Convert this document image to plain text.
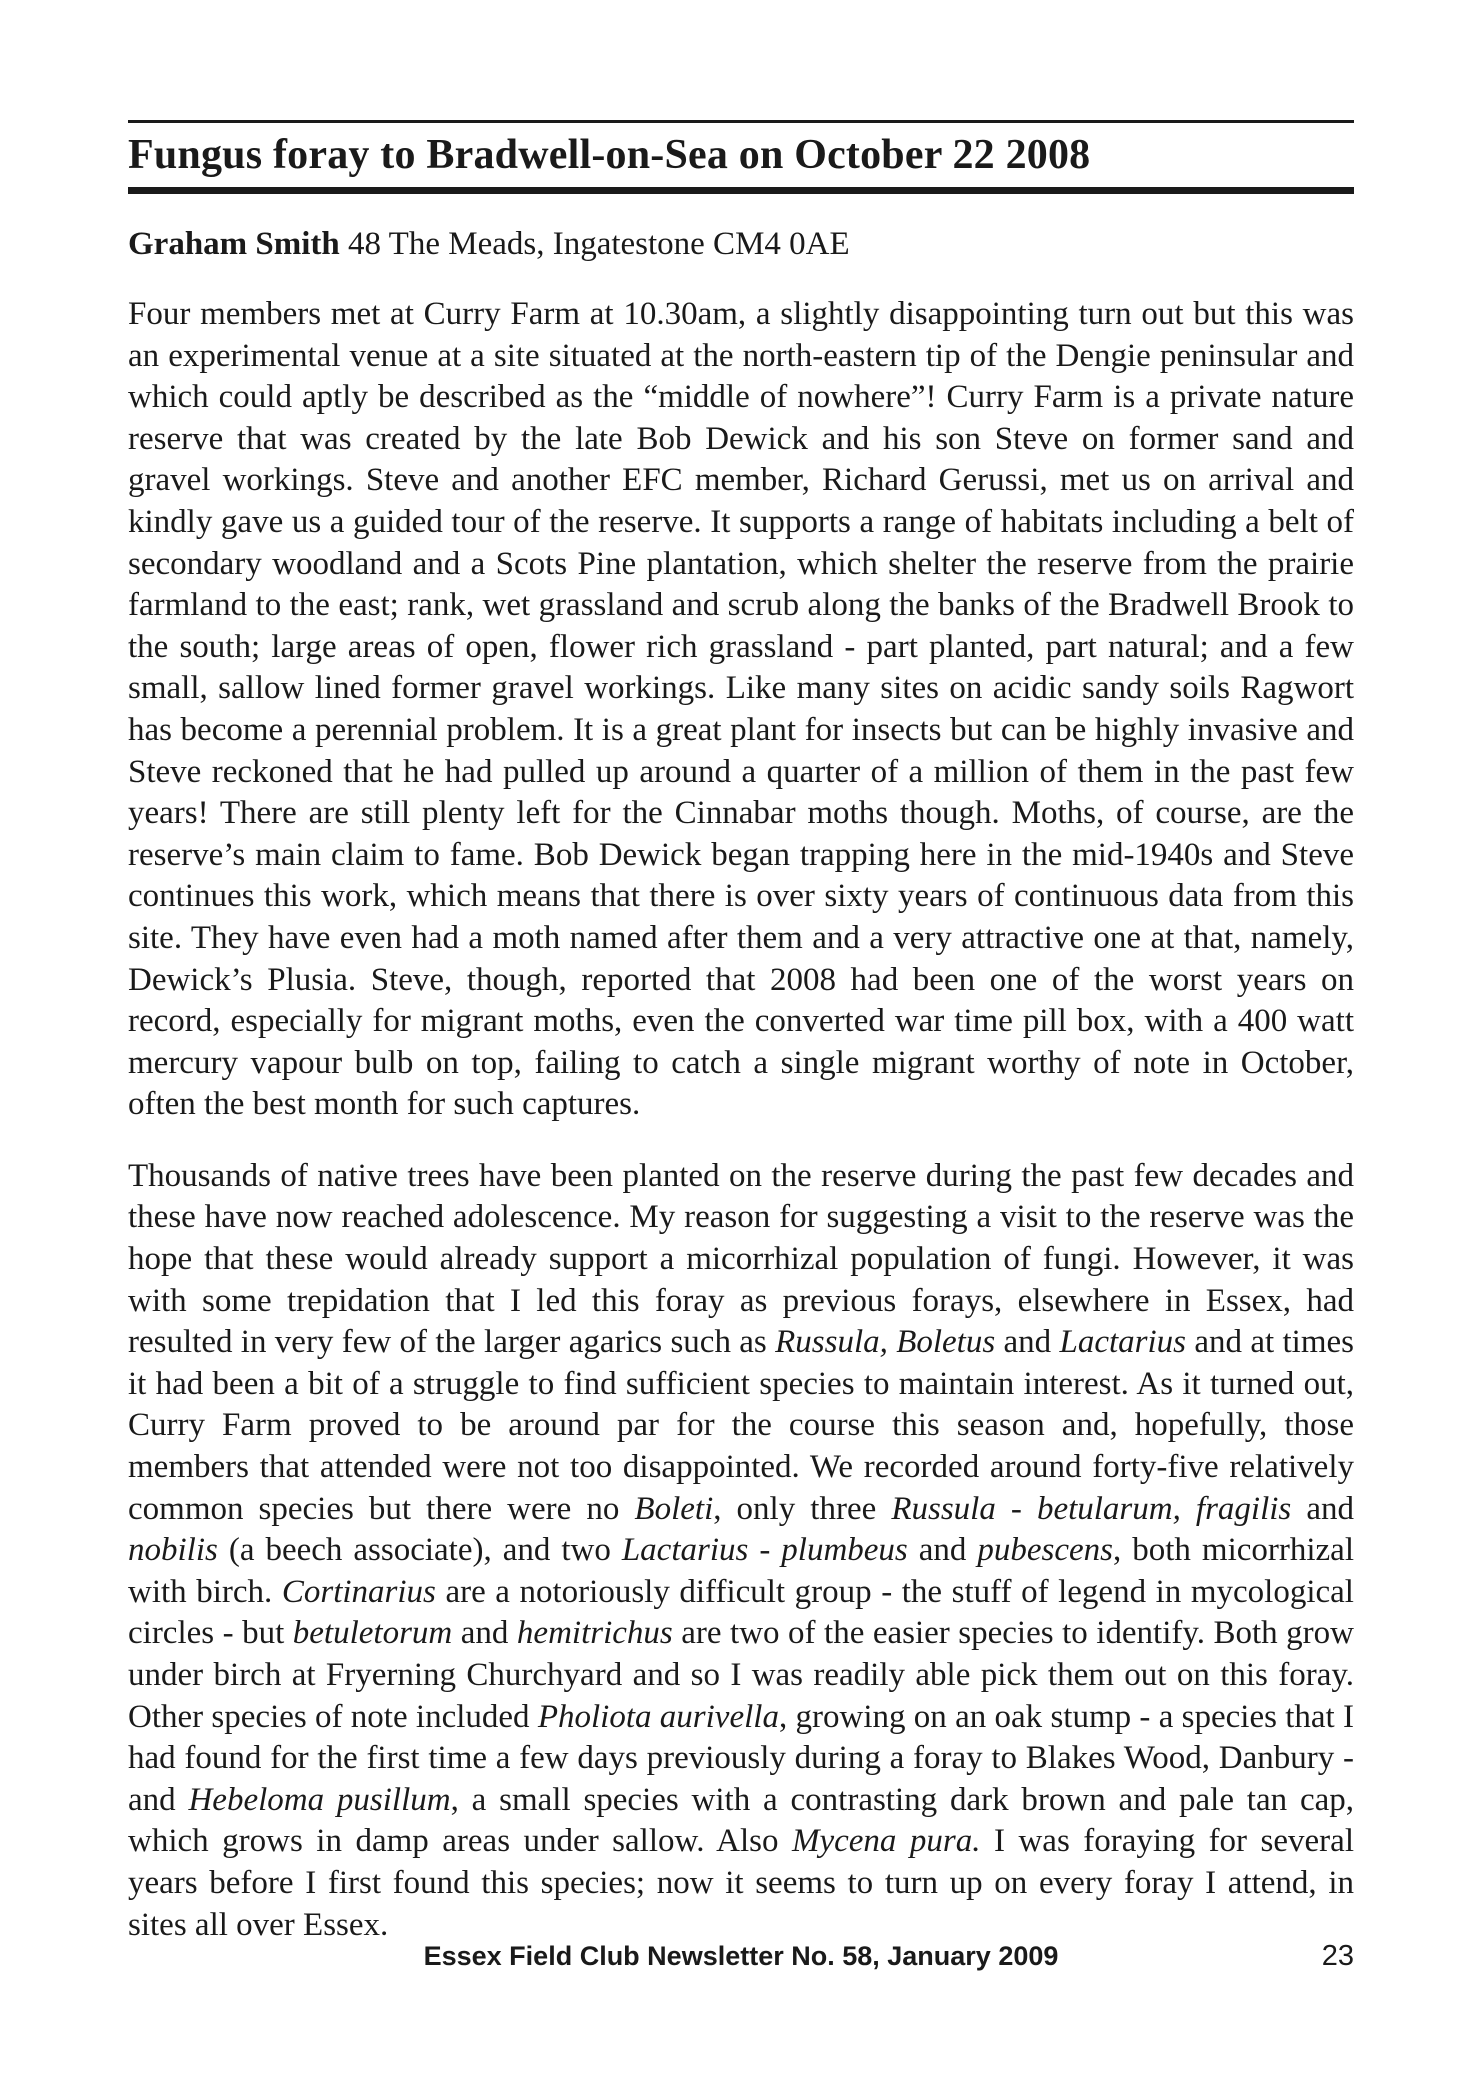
Fungus foray to Bradwell-on-Sea on October 22 2008
Graham Smith 48 The Meads, Ingatestone CM4 0AE

Four members met at Curry Farm at 10.30am, a slightly disappointing turn out but this was an experimental venue at a site situated at the north-eastern tip of the Dengie peninsular and which could aptly be described as the “middle of nowhere”! Curry Farm is a private nature reserve that was created by the late Bob Dewick and his son Steve on former sand and gravel workings. Steve and another EFC member, Richard Gerussi, met us on arrival and kindly gave us a guided tour of the reserve. It supports a range of habitats including a belt of secondary woodland and a Scots Pine plantation, which shelter the reserve from the prairie farmland to the east; rank, wet grassland and scrub along the banks of the Bradwell Brook to the south; large areas of open, flower rich grassland - part planted, part natural; and a few small, sallow lined former gravel workings. Like many sites on acidic sandy soils Ragwort has become a perennial problem. It is a great plant for insects but can be highly invasive and Steve reckoned that he had pulled up around a quarter of a million of them in the past few years! There are still plenty left for the Cinnabar moths though. Moths, of course, are the reserve’s main claim to fame. Bob Dewick began trapping here in the mid-1940s and Steve continues this work, which means that there is over sixty years of continuous data from this site. They have even had a moth named after them and a very attractive one at that, namely, Dewick’s Plusia. Steve, though, reported that 2008 had been one of the worst years on record, especially for migrant moths, even the converted war time pill box, with a 400 watt mercury vapour bulb on top, failing to catch a single migrant worthy of note in October, often the best month for such captures.

Thousands of native trees have been planted on the reserve during the past few decades and these have now reached adolescence. My reason for suggesting a visit to the reserve was the hope that these would already support a micorrhizal population of fungi. However, it was with some trepidation that I led this foray as previous forays, elsewhere in Essex, had resulted in very few of the larger agarics such as Russula, Boletus and Lactarius and at times it had been a bit of a struggle to find sufficient species to maintain interest. As it turned out, Curry Farm proved to be around par for the course this season and, hopefully, those members that attended were not too disappointed. We recorded around forty-five relatively common species but there were no Boleti, only three Russula - betularum, fragilis and nobilis (a beech associate), and two Lactarius - plumbeus and pubescens, both micorrhizal with birch. Cortinarius are a notoriously difficult group - the stuff of legend in mycological circles - but betuletorum and hemitrichus are two of the easier species to identify. Both grow under birch at Fryerning Churchyard and so I was readily able pick them out on this foray. Other species of note included Pholiota aurivella, growing on an oak stump - a species that I had found for the first time a few days previously during a foray to Blakes Wood, Danbury - and Hebeloma pusillum, a small species with a contrasting dark brown and pale tan cap, which grows in damp areas under sallow. Also Mycena pura. I was foraying for several years before I first found this species; now it seems to turn up on every foray I attend, in sites all over Essex.

Essex Field Club Newsletter No. 58, January 2009	23
